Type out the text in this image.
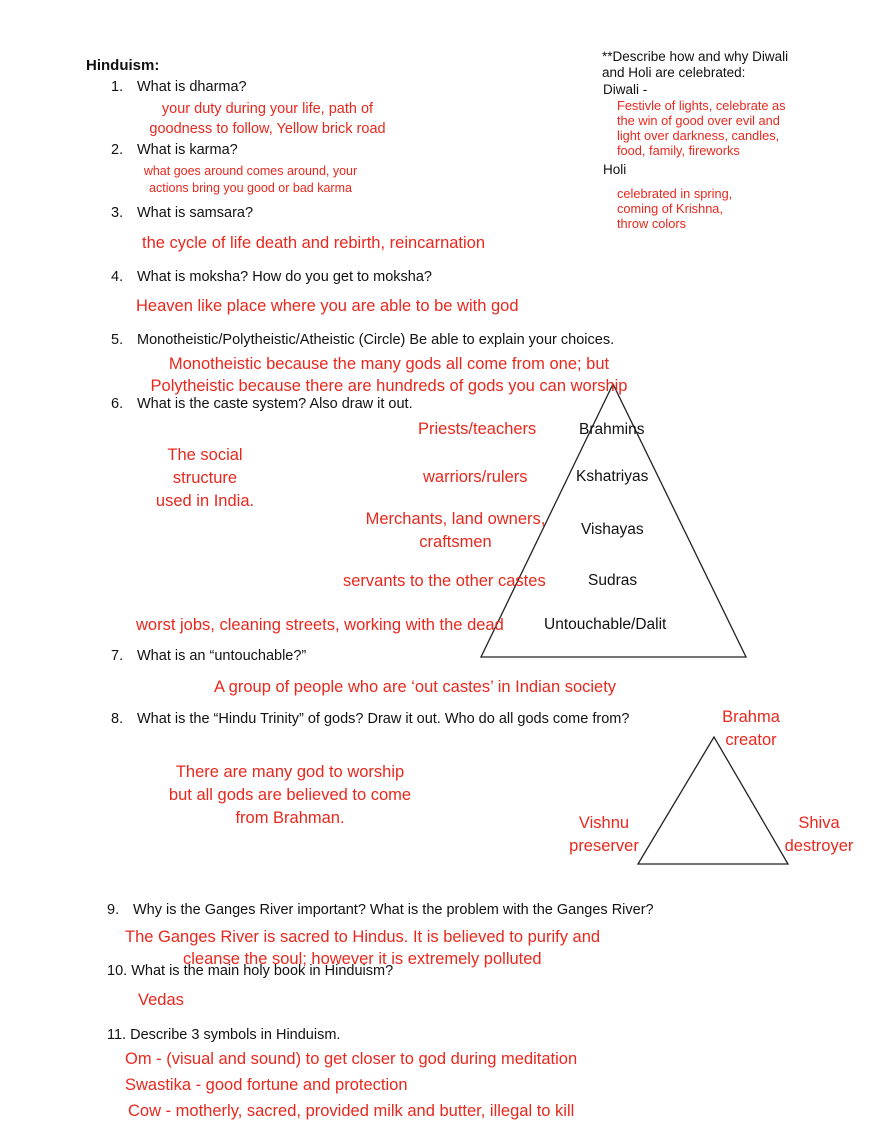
Hinduism:
**Describe how and why Diwali
and Holi are celebrated:
Diwali -
Festivle of lights, celebrate as
the win of good over evil and
light over darkness, candles,
food, family, fireworks
Holi
celebrated in spring,
coming of Krishna,
throw colors
1. What is dharma?
your duty during your life, path of
goodness to follow, Yellow brick road
2. What is karma?
what goes around comes around, your
actions bring you good or bad karma
3. What is samsara?
the cycle of life death and rebirth, reincarnation
4. What is moksha? How do you get to moksha?
Heaven like place where you are able to be with god
5. Monotheistic/Polytheistic/Atheistic (Circle) Be able to explain your choices.
Monotheistic because the many gods all come from one; but
Polytheistic because there are hundreds of gods you can worship
6. What is the caste system? Also draw it out.
The social
structure
used in India.
Priests/teachers	Brahmins
warriors/rulers	Kshatriyas
Merchants, land owners,
craftsmen
Vishayas
servants to the other castes	Sudras
worst jobs, cleaning streets, working with the dead	Untouchable/Dalit
7. What is an “untouchable?”
A group of people who are ‘out castes’ in Indian society
8. What is the “Hindu Trinity” of gods? Draw it out. Who do all gods come from?
There are many god to worship
but all gods are believed to come
from Brahman.
Brahma
creator
Vishnu
preserver
Shiva
destroyer
9. Why is the Ganges River important? What is the problem with the Ganges River?
The Ganges River is sacred to Hindus. It is believed to purify and
cleanse the soul; however it is extremely polluted
10. What is the main holy book in Hinduism?
Vedas
11. Describe 3 symbols in Hinduism.
Om - (visual and sound) to get closer to god during meditation
Swastika - good fortune and protection
Cow - motherly, sacred, provided milk and butter, illegal to kill
